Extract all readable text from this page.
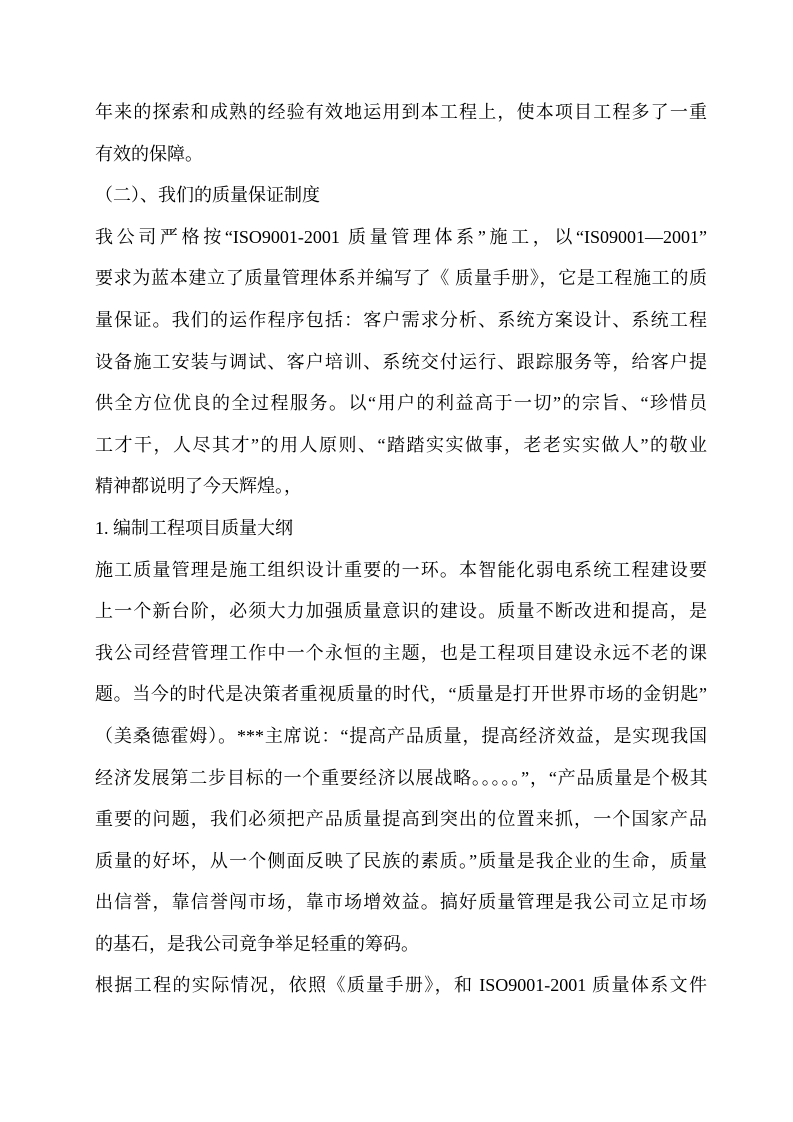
年来的探索和成熟的经验有效地运用到本工程上，使本项目工程多了一重
有效的保障。
（二）、我们的质量保证制度
我公司严格按“ISO9001-2001 质量管理体系”施工，以“IS09001—2001”
要求为蓝本建立了质量管理体系并编写了《 质量手册》，它是工程施工的质
量保证。我们的运作程序包括：客户需求分析、系统方案设计、系统工程
设备施工安装与调试、客户培训、系统交付运行、跟踪服务等，给客户提
供全方位优良的全过程服务。以“用户的利益高于一切”的宗旨、“珍惜员
工才干，人尽其才”的用人原则、“踏踏实实做事，老老实实做人”的敬业
精神都说明了今天辉煌。，
1. 编制工程项目质量大纲
施工质量管理是施工组织设计重要的一环。本智能化弱电系统工程建设要
上一个新台阶，必须大力加强质量意识的建设。质量不断改进和提高，是
我公司经营管理工作中一个永恒的主题，也是工程项目建设永远不老的课
题。当今的时代是决策者重视质量的时代，“质量是打开世界市场的金钥匙”
（美桑德霍姆）。***主席说：“提高产品质量，提高经济效益，是实现我国
经济发展第二步目标的一个重要经济以展战略。。。。。”，“产品质量是个极其
重要的问题，我们必须把产品质量提高到突出的位置来抓，一个国家产品
质量的好坏，从一个侧面反映了民族的素质。”质量是我企业的生命，质量
出信誉，靠信誉闯市场，靠市场增效益。搞好质量管理是我公司立足市场
的基石，是我公司竟争举足轻重的筹码。
根据工程的实际情况，依照《质量手册》，和 ISO9001-2001 质量体系文件
